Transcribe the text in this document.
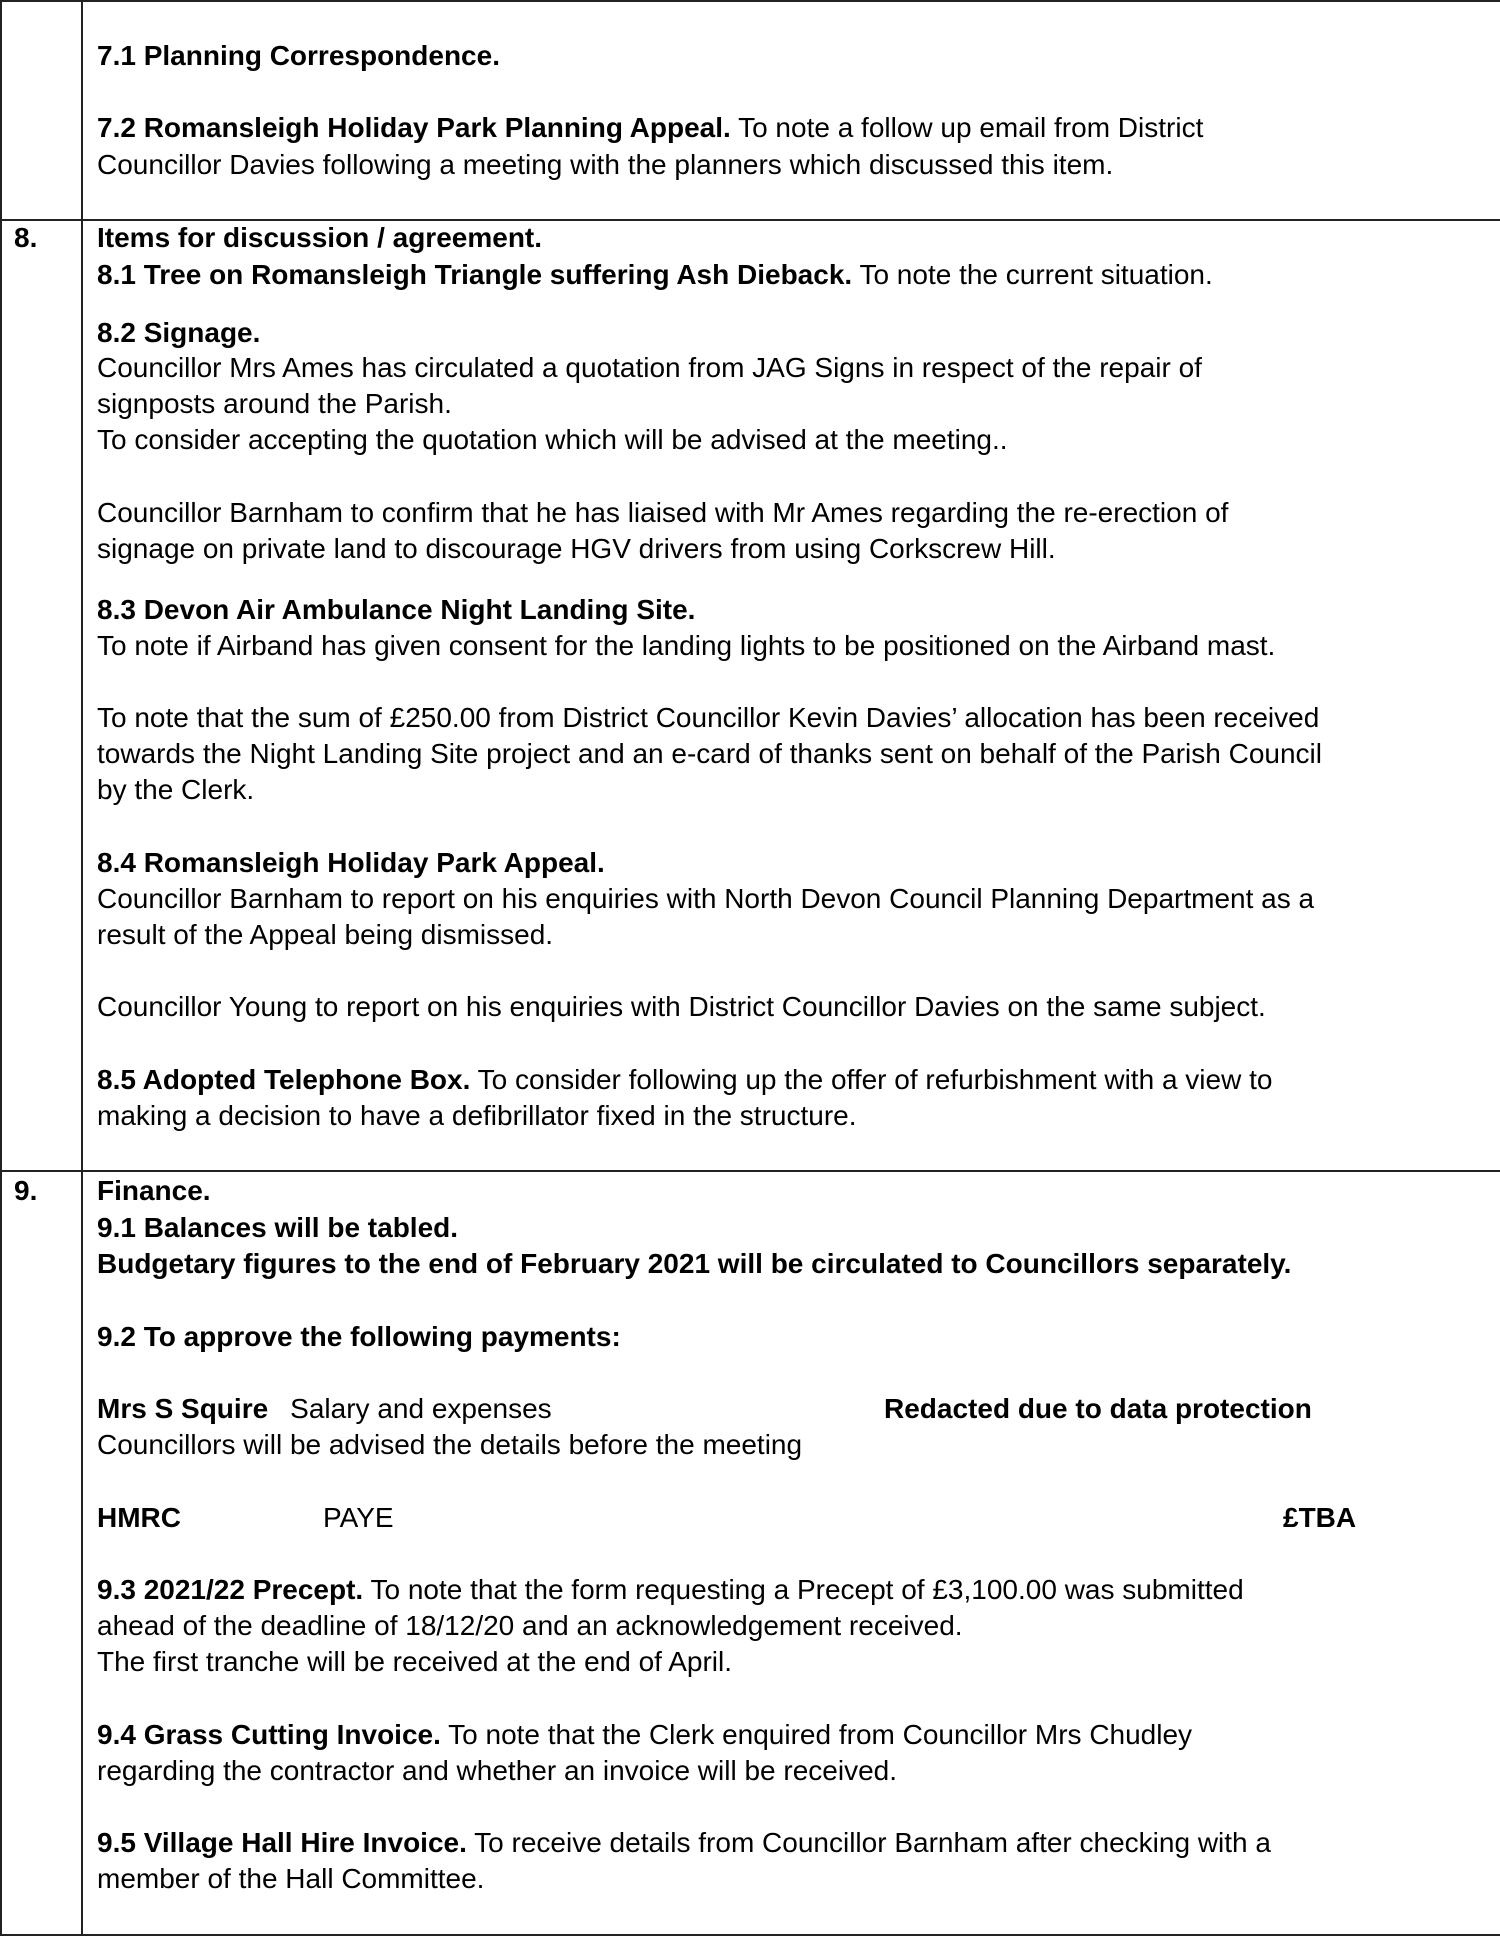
7.1 Planning Correspondence.
7.2 Romansleigh Holiday Park Planning Appeal. To note a follow up email from District
Councillor Davies following a meeting with the planners which discussed this item.
8. Items for discussion / agreement.
8.1 Tree on Romansleigh Triangle suffering Ash Dieback. To note the current situation.
8.2 Signage.
Councillor Mrs Ames has circulated a quotation from JAG Signs in respect of the repair of
signposts around the Parish.
To consider accepting the quotation which will be advised at the meeting..
Councillor Barnham to confirm that he has liaised with Mr Ames regarding the re-erection of
signage on private land to discourage HGV drivers from using Corkscrew Hill.
8.3 Devon Air Ambulance Night Landing Site.
To note if Airband has given consent for the landing lights to be positioned on the Airband mast.
To note that the sum of £250.00 from District Councillor Kevin Davies’ allocation has been received
towards the Night Landing Site project and an e-card of thanks sent on behalf of the Parish Council
by the Clerk.
8.4 Romansleigh Holiday Park Appeal.
Councillor Barnham to report on his enquiries with North Devon Council Planning Department as a
result of the Appeal being dismissed.
Councillor Young to report on his enquiries with District Councillor Davies on the same subject.
8.5 Adopted Telephone Box. To consider following up the offer of refurbishment with a view to
making a decision to have a defibrillator fixed in the structure.
9. Finance.
9.1 Balances will be tabled.
Budgetary figures to the end of February 2021 will be circulated to Councillors separately.
9.2 To approve the following payments:
Mrs S Squire Salary and expenses	Redacted due to data protection
Councillors will be advised the details before the meeting
HMRC	PAYE	£TBA
9.3 2021/22 Precept. To note that the form requesting a Precept of £3,100.00 was submitted
ahead of the deadline of 18/12/20 and an acknowledgement received.
The first tranche will be received at the end of April.
9.4 Grass Cutting Invoice. To note that the Clerk enquired from Councillor Mrs Chudley
regarding the contractor and whether an invoice will be received.
9.5 Village Hall Hire Invoice. To receive details from Councillor Barnham after checking with a
member of the Hall Committee.
